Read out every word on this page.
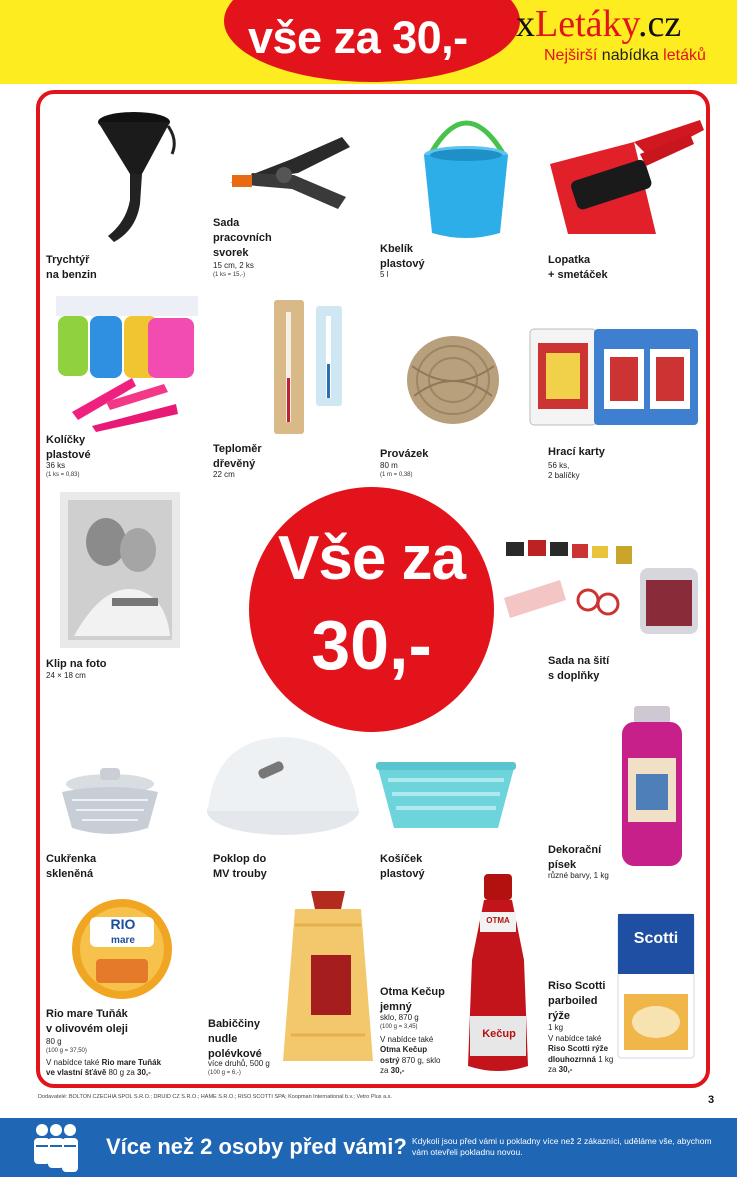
vše za 30,-	xLetáky.cz
Nejširší nabídka letáků
Trychtýř
na benzin
Sada
pracovních
svorek
15 cm, 2 ks
(1 ks = 15,-)
Kbelík
plastový
5 l
Lopatka
+ smetáček
Kolíčky
plastové
36 ks
(1 ks = 0,83)
Teploměr
dřevěný
22 cm
Provázek
80 m
(1 m = 0,38)
Hrací karty
56 ks,
2 balíčky
Klip na foto
24 × 18 cm
Vše za
30,-	Sada na šití
s doplňky
Cukřenka
skleněná
Poklop do
MV trouby
Košíček
plastový
Dekorační
písek
různé barvy, 1 kg
RIO
mare
Rio mare Tuňák
v olivovém oleji
80 g
(100 g = 37,50)
V nabídce také Rio mare Tuňák
ve vlastní šťávě 80 g za 30,-
Babiččiny
nudle
polévkové
více druhů, 500 g
(100 g = 6,-)
OTMA
Kečup
Otma Kečup
jemný
sklo, 870 g
(100 g = 3,45)
V nabídce také
Otma Kečup
ostrý 870 g, sklo
za 30,-
Scotti
Riso Scotti
parboiled
rýže
1 kg
V nabídce také
Riso Scotti rýže
dlouhozrnná 1 kg
za 30,-
Dodavatelé: BOLTON CZECHIA SPOL S.R.O.; DRUID CZ S.R.O.; HAME S.R.O.; RISO SCOTTI SPA; Koopman International b.v.; Vetro Plus a.s.	3
Více než 2 osoby před vámi? Kdykoli jsou před vámi u pokladny více než 2 zákazníci, uděláme vše, abychom vám otevřeli pokladnu novou.
